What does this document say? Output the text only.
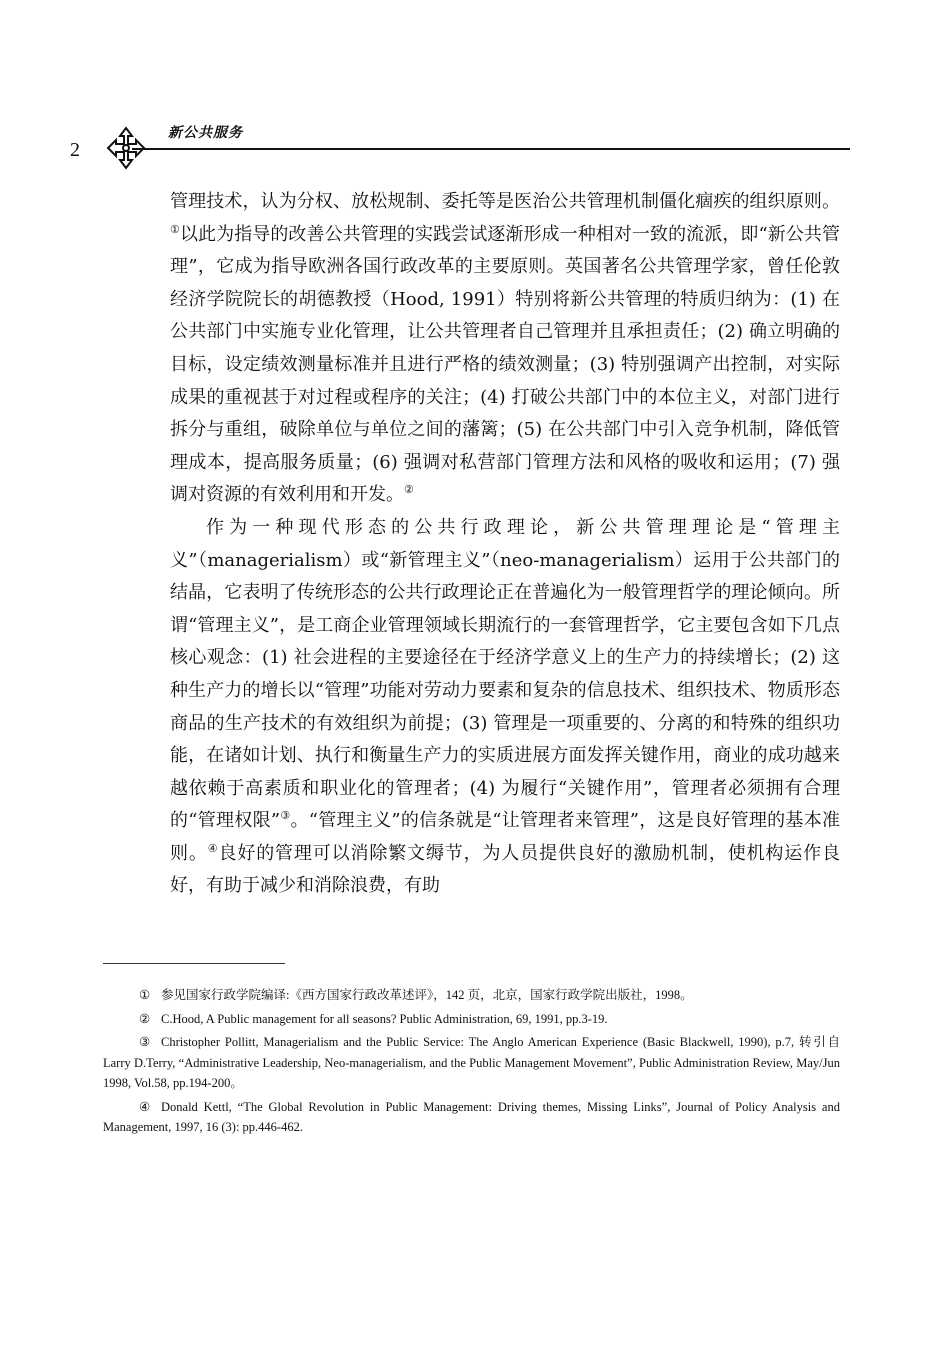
2
新公共服务

管理技术，认为分权、放松规制、委托等是医治公共管理机制僵化痼疾的组织原则。①以此为指导的改善公共管理的实践尝试逐渐形成一种相对一致的流派，即“新公共管理”，它成为指导欧洲各国行政改革的主要原则。英国著名公共管理学家，曾任伦敦经济学院院长的胡德教授（Hood, 1991）特别将新公共管理的特质归纳为：(1) 在公共部门中实施专业化管理，让公共管理者自己管理并且承担责任；(2) 确立明确的目标，设定绩效测量标准并且进行严格的绩效测量；(3) 特别强调产出控制，对实际成果的重视甚于对过程或程序的关注；(4) 打破公共部门中的本位主义，对部门进行拆分与重组，破除单位与单位之间的藩篱；(5) 在公共部门中引入竞争机制，降低管理成本，提高服务质量；(6) 强调对私营部门管理方法和风格的吸收和运用；(7) 强调对资源的有效利用和开发。②

作为一种现代形态的公共行政理论，新公共管理理论是“管理主义”（managerialism）或“新管理主义”（neo-managerialism）运用于公共部门的结晶，它表明了传统形态的公共行政理论正在普遍化为一般管理哲学的理论倾向。所谓“管理主义”，是工商企业管理领域长期流行的一套管理哲学，它主要包含如下几点核心观念：(1) 社会进程的主要途径在于经济学意义上的生产力的持续增长；(2) 这种生产力的增长以“管理”功能对劳动力要素和复杂的信息技术、组织技术、物质形态商品的生产技术的有效组织为前提；(3) 管理是一项重要的、分离的和特殊的组织功能，在诸如计划、执行和衡量生产力的实质进展方面发挥关键作用，商业的成功越来越依赖于高素质和职业化的管理者；(4) 为履行“关键作用”，管理者必须拥有合理的“管理权限”③。“管理主义”的信条就是“让管理者来管理”，这是良好管理的基本准则。④良好的管理可以消除繁文缛节，为人员提供良好的激励机制，使机构运作良好，有助于减少和消除浪费，有助

① 参见国家行政学院编译:《西方国家行政改革述评》，142 页，北京，国家行政学院出版社，1998。

② C.Hood, A Public management for all seasons? Public Administration, 69, 1991, pp.3-19.

③ Christopher Pollitt, Managerialism and the Public Service: The Anglo American Experience (Basic Blackwell, 1990), p.7, 转引自 Larry D.Terry, “Administrative Leadership, Neo-managerialism, and the Public Management Movement”, Public Administration Review, May/Jun 1998, Vol.58, pp.194-200。

④ Donald Kettl, “The Global Revolution in Public Management: Driving themes, Missing Links”, Journal of Policy Analysis and Management, 1997, 16 (3): pp.446-462.
